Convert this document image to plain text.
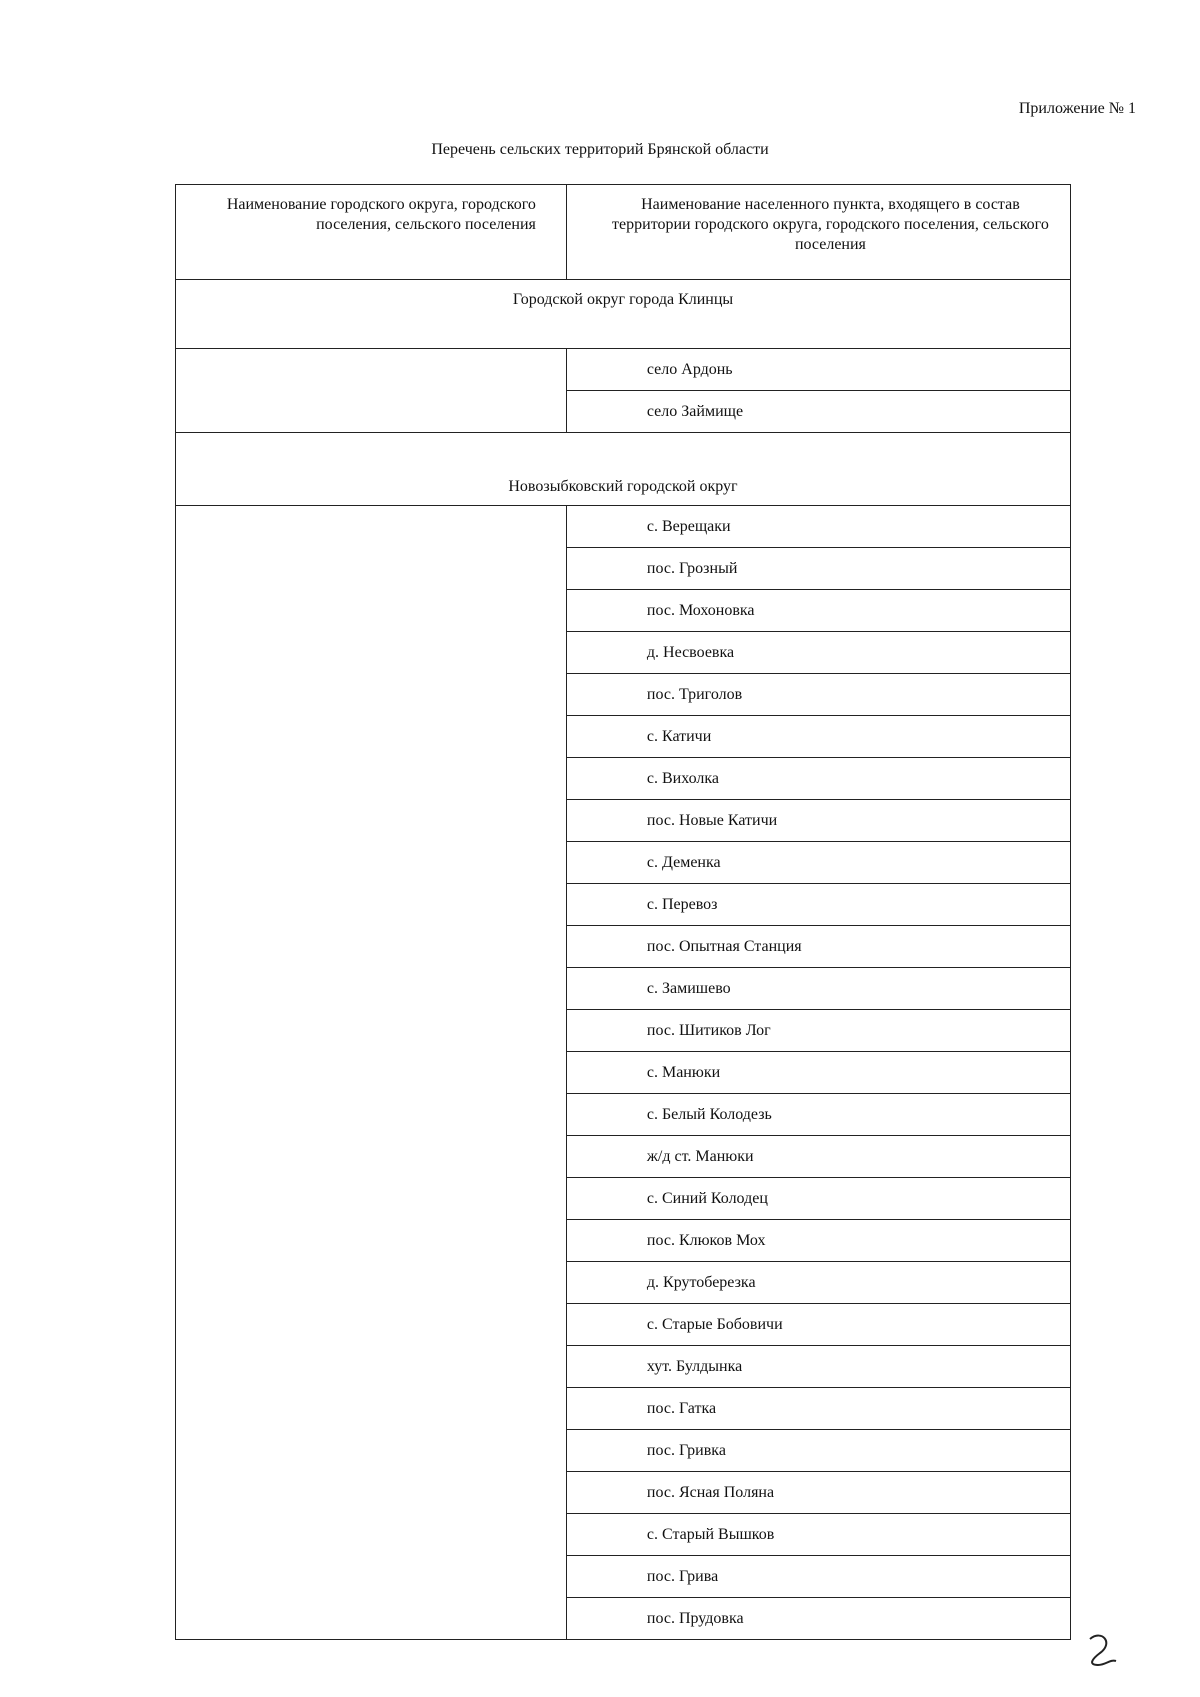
Приложение № 1
Перечень сельских территорий Брянской области
Наименование городского округа, городского поселения, сельского поселения	Наименование населенного пункта, входящего в состав территории городского округа, городского поселения, сельского поселения
Городской округ города Клинцы	
	село Ардонь
	село Займище
Новозыбковский городской округ	
	с. Верещаки
	пос. Грозный
	пос. Мохоновка
	д. Несвоевка
	пос. Триголов
	с. Катичи
	с. Вихолка
	пос. Новые Катичи
	с. Деменка
	с. Перевоз
	пос. Опытная Станция
	с. Замишево
	пос. Шитиков Лог
	с. Манюки
	с. Белый Колодезь
	ж/д ст. Манюки
	с. Синий Колодец
	пос. Клюков Мох
	д. Крутоберезка
	с. Старые Бобовичи
	хут. Булдынка
	пос. Гатка
	пос. Гривка
	пос. Ясная Поляна
	с. Старый Вышков
	пос. Грива
	пос. Прудовка
